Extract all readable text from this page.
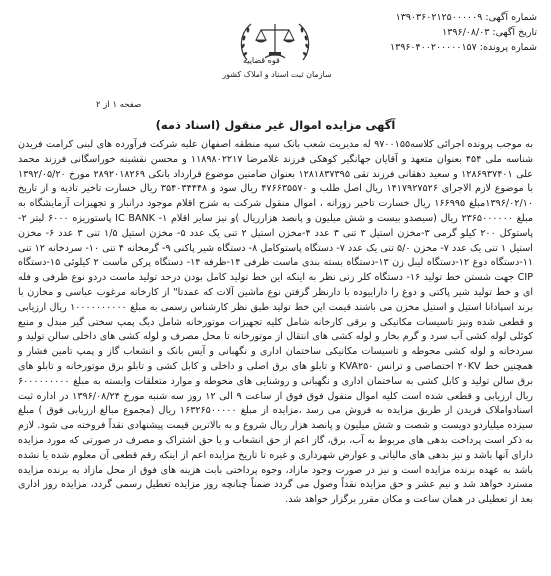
شماره آگهی: ۱۳۹۰۳۶۰۲۱۲۵۰۰۰۰۰۹
تاریخ آگهی: ۱۳۹۶/۰۸/۰۳
شماره پرونده: ۱۳۹۶۰۴۰۰۲۰۰۰۰۰۱۵۷
قوه قضاییه
سازمان ثبت اسناد و املاک کشور
صفحه ۱ از ۲
آگهی مزایده اموال غیر منقول (اسناد ذمه)

به موجب پرونده اجرائی کلاسه۹۷۰۰۱۵۵ له مدیریت شعب بانک سپه منطقه اصفهان علیه شرکت فرآورده های لبنی کرامت فریدن شناسه ملی ۴۵۴ بعنوان متعهد و آقایان جهانگیر کوهکی فرزند غلامرضا ۱۱۸۹۸۰۲۲۱۷ و محسن نقشینه خوراسگانی فرزند محمد علی ۱۲۸۶۹۳۷۴۰۱ و سعید دهقانی فرزند تقی ۱۲۸۱۸۳۷۳۹۵ بعنوان ضامنین موضوع قرارداد بانکی ۲۸۹۲۰۱۸۲۶۹ مورخ ۱۳۹۲/۰۵/۲۰ با موضوع لازم الاجرای ۱۴۱۷۹۲۷۵۲۶ ریال اصل طلب و ۴۷۶۶۳۵۵۷۰ ریال سود و ۳۵۴۰۳۴۴۴۸ ریال خسارت تاخیر تادیه و از تاریخ ۱۳۹۶/۰۲/۱۰مبلغ ۱۶۶۹۹۵ ریال خسارت تاخیر روزانه ، اموال منقول شرکت به شرح اقلام موجود درانبار و تجهیزات آزمایشگاه به مبلغ ۲۳۶۵۰۰۰۰۰۰ ریال (سیصدو بیست و شش میلیون و پانصد هزارریال )و نیز سایر اقلام ۱- IC BANK پاستوریزه ۶۰۰۰ لیتر ۲- پاستوکل ۲۰۰ کیلو گرمی ۳-مخزن استیل ۳ تنی ۳ عدد ۴-مخزن استیل ۲ تنی یک عدد ۵- مخزن استیل ۱/۵ تنی ۳ عدد ۶- مخزن استیل ۱ تنی یک عدد ۷- مخزن ۵/۰ تنی یک عدد ۷- دستگاه پاستوکامل ۸- دستگاه شیر پاکنی ۹- گرمخانه ۴ تنی ۱۰- سردخانه ۱۲ تنی ۱۱-دستگاه دوغ ۱۲-دستگاه لیبل زن ۱۳-دستگاه بسته بندی ماست ظرفی ۱۴-ظرفه ۱۴- دستگاه پرکن ماست ۲ کیلوئی ۱۵-دستگاه CIP جهت شستن خط تولید ۱۶- دستگاه کلر زنی نظر به اینکه این خط تولید کامل بودن درحد تولید ماست دردو نوع ظرفی و فله ای و خط تولید شیر پاکتی و دوغ را داراییوده با دارنظر گرفتن نوع ماشین آلات که عمدتا" از کارخانه مرغوب عباسی و مخازن با برند اسپادانا استیل و استیل مخزن می باشند قیمت این خط تولید طبق نظر کارشناس رسمی به مبلغ ۱۰۰۰۰۰۰۰۰۰۰ ریال ارزیابی و قطعی شده ونیز تاسیسات مکانیکی و برقی کارخانه شامل کلیه تجهیزات موتورخانه شامل دیگ پمپ سختی گیر مبدل و منبع کوئلی لوله کشی آب سرد و گرم بخار و لوله کشی های انتقال از موتورخانه تا محل مصرف و لوله کشی های داخلی سالن تولید و سردخانه و لوله کشی محوطه و تاسیسات مکانیکی ساختمان اداری و نگهبانی و آیس بانک و انشعاب گاز و پمپ تامین فشار و همچنین خط ۲۰KV اختصاصی و ترانس KVA۲۵۰ و تابلو های برق اصلی و داخلی و کابل کشی و تابلو برق موتورخانه و تابلو های برق سالن تولید و کابل کشی به ساختمان اداری و نگهبانی و روشنایی های محوطه و موارد متعلقات وابسته به مبلغ ۶۰۰۰۰۰۰۰۰۰ ریال ارزیابی و قطعی شده است کلیه اموال منقول فوق فوق از ساعت ۹ الی ۱۲ روز سه شنبه مورخ ۱۳۹۶/۰۸/۲۴ در اداره ثبت اسنادواملاک فریدن از طریق مزایده به فروش می رسد ،مزایده از مبلغ ۱۶۳۲۶۵۰۰۰۰۰ ریال (مجموع مبالغ ارزیابی فوق ) مبلغ سیزده میلیاردو دویست و شصت و شش میلیون و پانصد هزار ریال شروع و به بالاترین قیمت پیشنهادی نقداً فروخته می شود. لازم به ذکر است پرداخت بدهی های مربوط به آب، برق، گاز اعم از حق انشعاب و یا حق اشتراک و مصرف در صورتی که مورد مزایده دارای آنها باشد و نیز بدهی های مالیاتی و عوارض شهرداری و غیره تا تاریخ مزایده اعم از اینکه رقم قطعی آن معلوم شده یا نشده باشد به عهده برنده مزایده است و نیز در صورت وجود مازاد، وجوه پرداختی بابت هزینه های فوق از محل مازاد به برنده مزایده مسترد خواهد شد و نیم عشر و حق مزایده نقداً وصول می گردد ضمناً چنانچه روز مزایده تعطیل رسمی گردد، مزایده روز اداری بعد از تعطیلی در همان ساعت و مکان مقرر برگزار خواهد شد.
